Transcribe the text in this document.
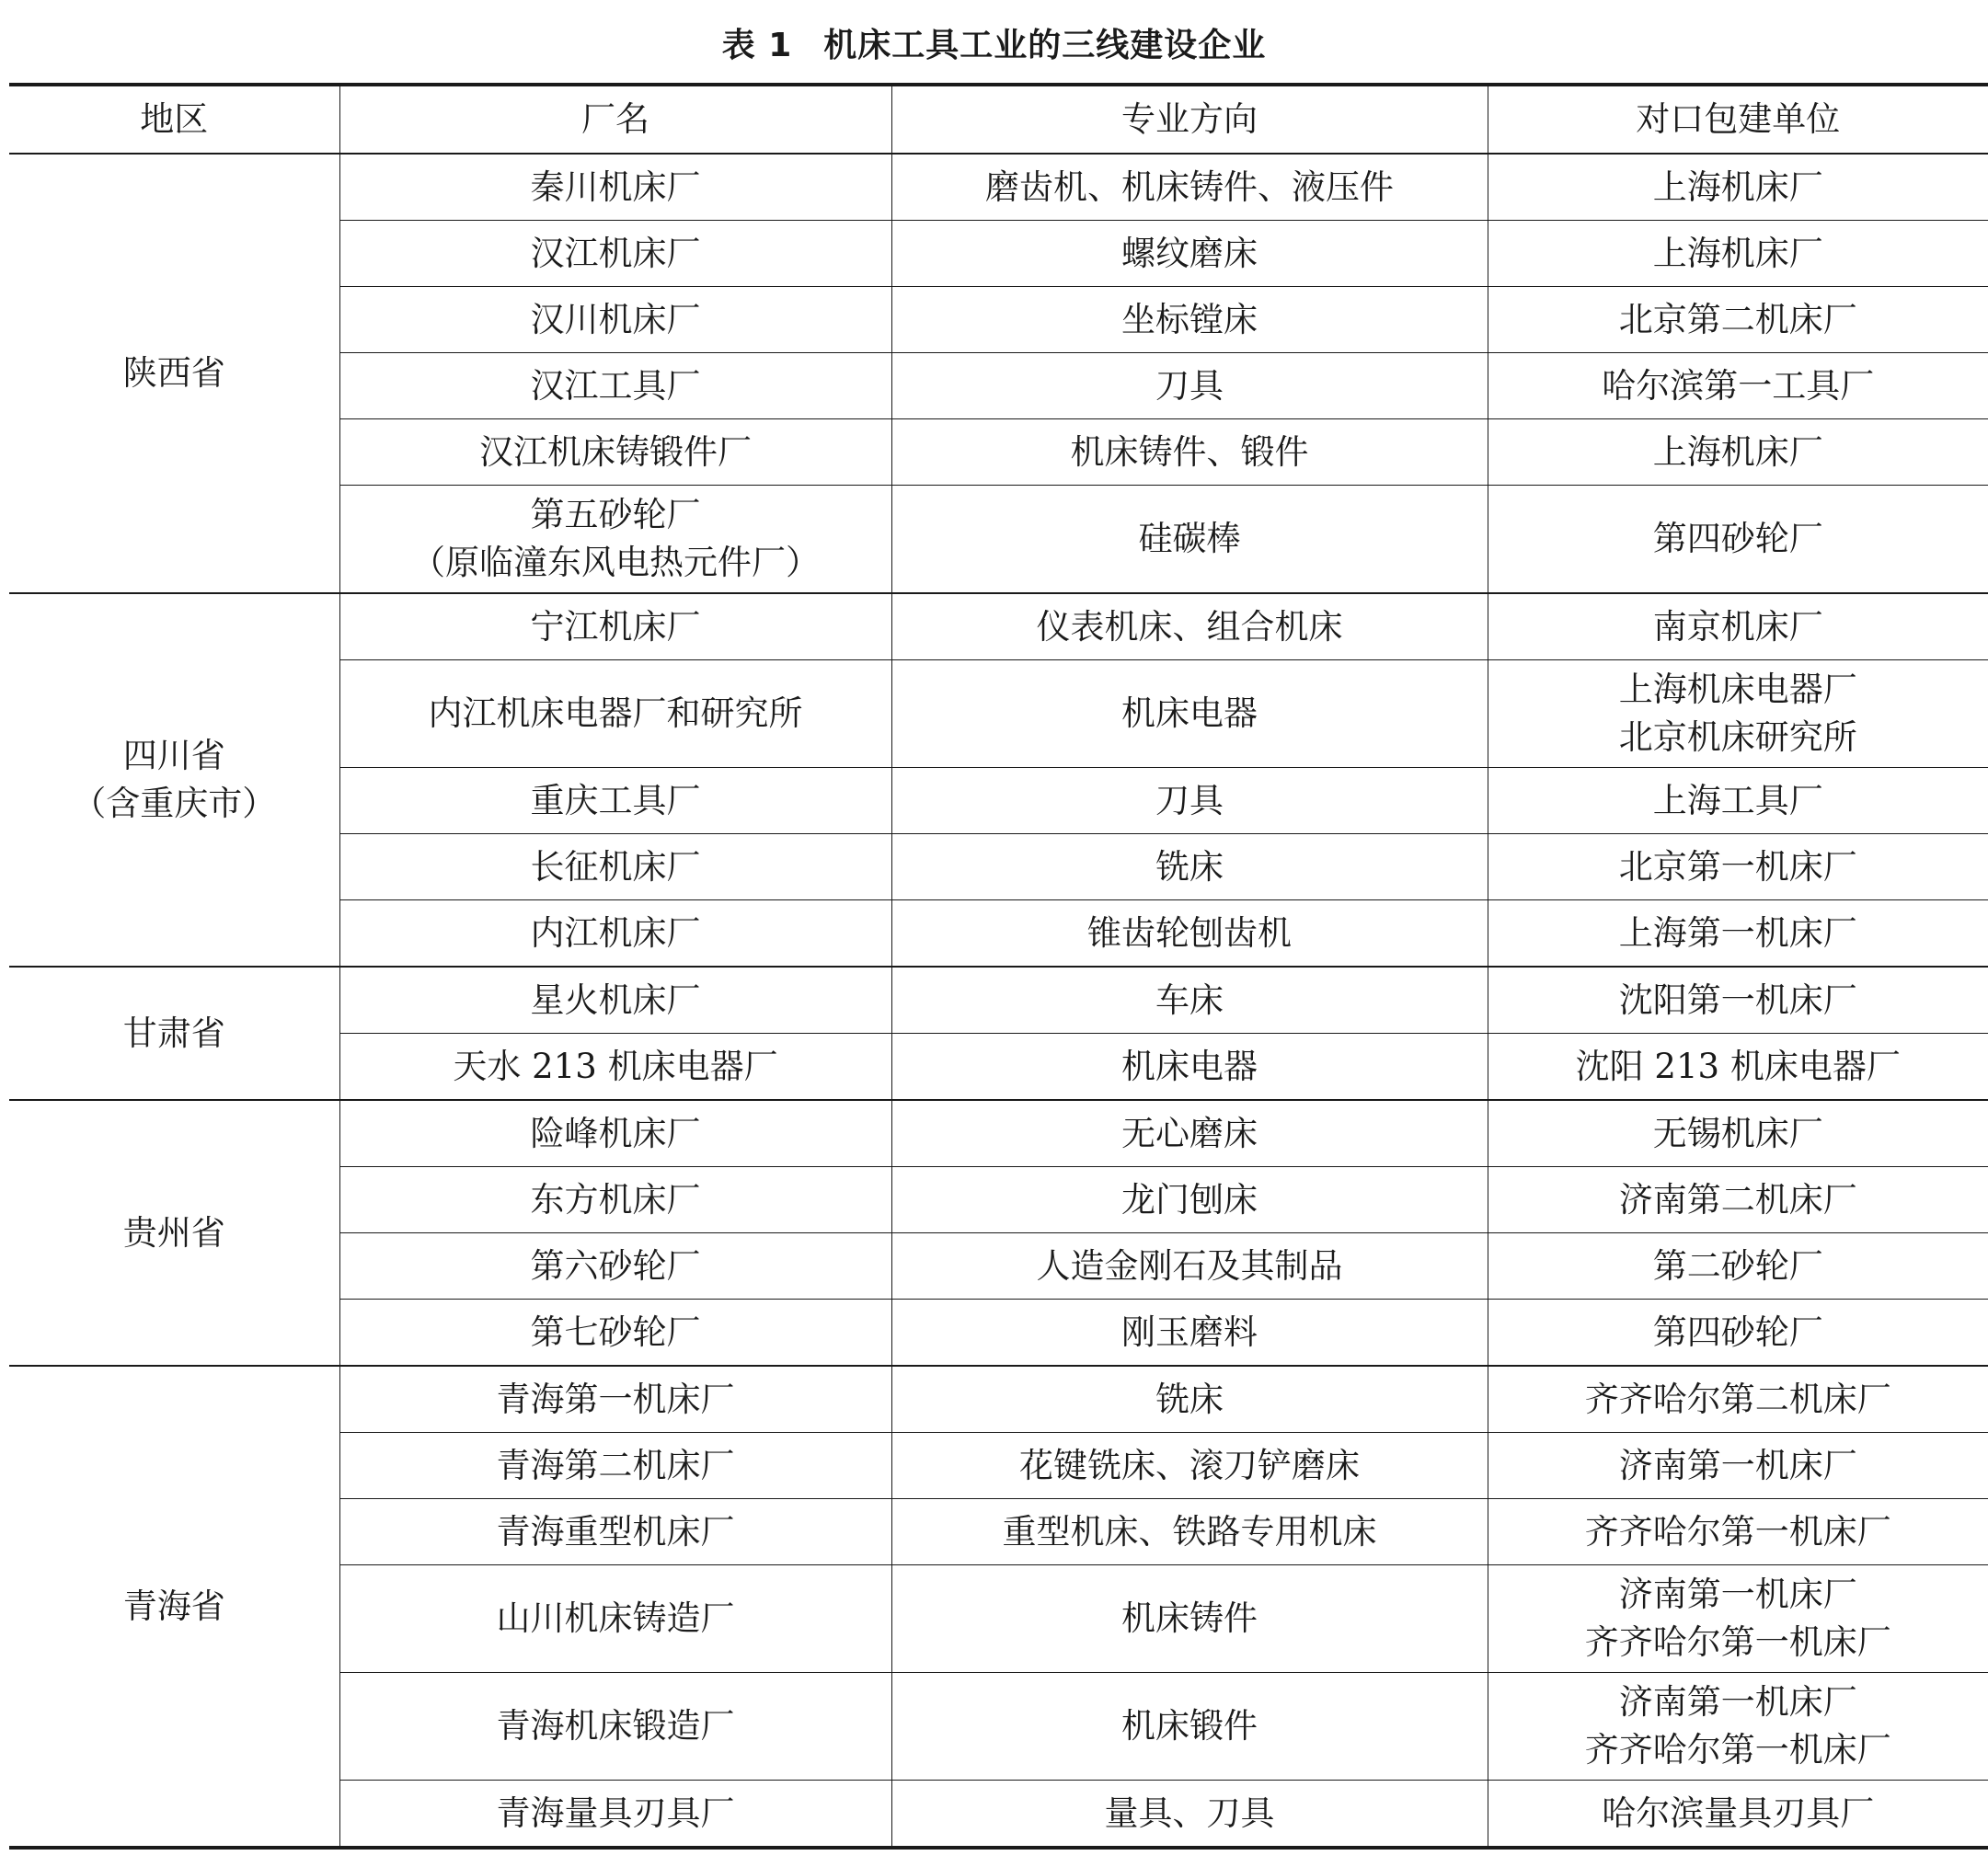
表 1 机床工具工业的三线建设企业
地区	厂名	专业方向	对口包建单位

陕西省	秦川机床厂	磨齿机、机床铸件、液压件	上海机床厂

	汉江机床厂	螺纹磨床	上海机床厂

	汉川机床厂	坐标镗床	北京第二机床厂

	汉江工具厂	刀具	哈尔滨第一工具厂

	汉江机床铸锻件厂	机床铸件、锻件	上海机床厂

	第五砂轮厂
（原临潼东风电热元件厂）	硅碳棒	第四砂轮厂

四川省
（含重庆市）	宁江机床厂	仪表机床、组合机床	南京机床厂

	内江机床电器厂和研究所	机床电器	上海机床电器厂
北京机床研究所

	重庆工具厂	刀具	上海工具厂

	长征机床厂	铣床	北京第一机床厂

	内江机床厂	锥齿轮刨齿机	上海第一机床厂

甘肃省	星火机床厂	车床	沈阳第一机床厂

	天水 213 机床电器厂	机床电器	沈阳 213 机床电器厂

贵州省	险峰机床厂	无心磨床	无锡机床厂

	东方机床厂	龙门刨床	济南第二机床厂

	第六砂轮厂	人造金刚石及其制品	第二砂轮厂

	第七砂轮厂	刚玉磨料	第四砂轮厂

青海省	青海第一机床厂	铣床	齐齐哈尔第二机床厂

	青海第二机床厂	花键铣床、滚刀铲磨床	济南第一机床厂

	青海重型机床厂	重型机床、铁路专用机床	齐齐哈尔第一机床厂

	山川机床铸造厂	机床铸件	济南第一机床厂
齐齐哈尔第一机床厂

	青海机床锻造厂	机床锻件	济南第一机床厂
齐齐哈尔第一机床厂

	青海量具刃具厂	量具、刀具	哈尔滨量具刃具厂
